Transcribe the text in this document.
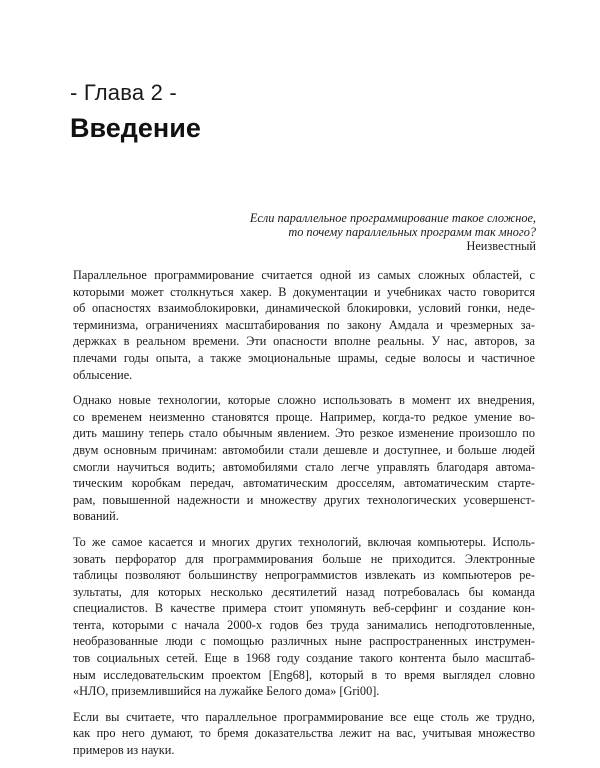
- Глава 2 -
Введение
Если параллельное программирование такое сложное,
то почему параллельных программ так много?
Неизвестный
Параллельное программирование считается одной из самых сложных областей, с
которыми может столкнуться хакер. В документации и учебниках часто говорится
об опасностях взаимоблокировки, динамической блокировки, условий гонки, неде-
терминизма, ограничениях масштабирования по закону Амдала и чрезмерных за-
держках в реальном времени. Эти опасности вполне реальны. У нас, авторов, за
плечами годы опыта, а также эмоциональные шрамы, седые волосы и частичное
облысение.
Однако новые технологии, которые сложно использовать в момент их внедрения,
со временем неизменно становятся проще. Например, когда-то редкое умение во-
дить машину теперь стало обычным явлением. Это резкое изменение произошло по
двум основным причинам: автомобили стали дешевле и доступнее, и больше людей
смогли научиться водить; автомобилями стало легче управлять благодаря автома-
тическим коробкам передач, автоматическим дросселям, автоматическим стартe-
рам, повышенной надежности и множеству других технологических усовершенст-
вований.
То же самое касается и многих других технологий, включая компьютеры. Исполь-
зовать перфоратор для программирования больше не приходится. Электронные
таблицы позволяют большинству непрограммистов извлекать из компьютеров ре-
зультаты, для которых несколько десятилетий назад потребовалась бы команда
специалистов. В качестве примера стоит упомянуть веб-серфинг и создание кон-
тента, которыми с начала 2000-х годов без труда занимались неподготовленные,
необразованные люди с помощью различных ныне распространенных инструмен-
тов социальных сетей. Еще в 1968 году создание такого контента было масштаб-
ным исследовательским проектом [Eng68], который в то время выглядел словно
«НЛО, приземлившийся на лужайке Белого дома» [Gri00].
Если вы считаете, что параллельное программирование все еще столь же трудно,
как про него думают, то бремя доказательства лежит на вас, учитывая множество
примеров из науки.
